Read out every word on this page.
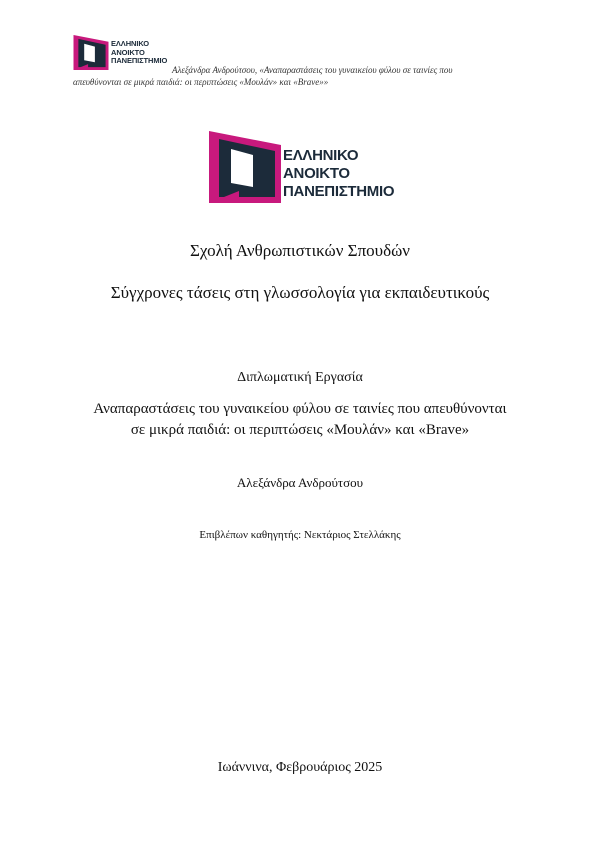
ΕΛΛΗΝΙΚΟ
ΑΝΟΙΚΤΟ
ΠΑΝΕΠΙΣΤΗΜΙΟ
Αλεξάνδρα Ανδρούτσου, «Αναπαραστάσεις του γυναικείου φύλου σε ταινίες που
απευθύνονται σε μικρά παιδιά: οι περιπτώσεις «Μουλάν» και «Brave»»
ΕΛΛΗΝΙΚΟ
ΑΝΟΙΚΤΟ
ΠΑΝΕΠΙΣΤΗΜΙΟ
Σχολή Ανθρωπιστικών Σπουδών
Σύγχρονες τάσεις στη γλωσσολογία για εκπαιδευτικούς
Διπλωματική Εργασία
Αναπαραστάσεις του γυναικείου φύλου σε ταινίες που απευθύνονται
σε μικρά παιδιά: οι περιπτώσεις «Μουλάν» και «Brave»
Αλεξάνδρα Ανδρούτσου
Επιβλέπων καθηγητής: Νεκτάριος Στελλάκης
Ιωάννινα, Φεβρουάριος 2025
